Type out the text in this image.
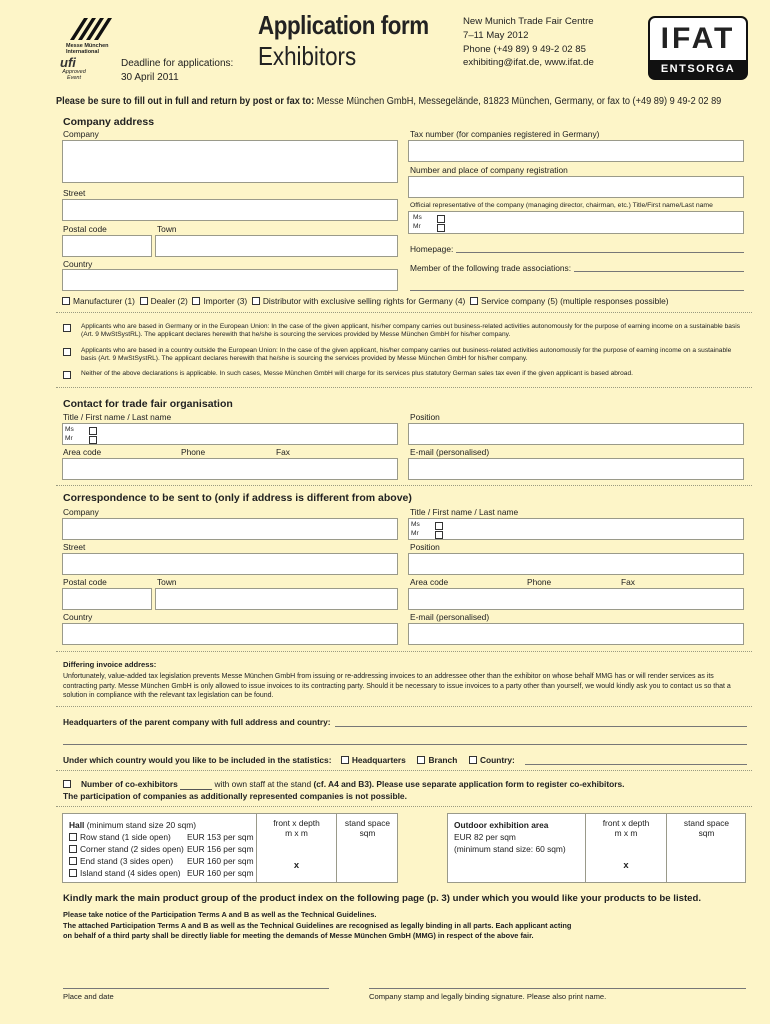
Messe München
International
ufi
Approved
Event
Deadline for applications:
30 April 2011
Application form
Exhibitors
New Munich Trade Fair Centre
7–11 May 2012
Phone (+49 89) 9 49-2 02 85
exhibiting@ifat.de, www.ifat.de
IFAT
ENTSORGA
Please be sure to fill out in full and return by post or fax to: Messe München GmbH, Messegelände, 81823 München, Germany, or fax to (+49 89) 9 49-2 02 89
Company address
Company	Tax number (for companies registered in Germany)
Number and place of company registration
Street
Official representative of the company (managing director, chairman, etc.) Title/First name/Last name
Ms
Mr
Postal code	Town
Homepage:
Country	Member of the following trade associations:
Manufacturer (1) Dealer (2) Importer (3) Distributor with exclusive selling rights for Germany (4) Service company (5) (multiple responses possible)
Applicants who are based in Germany or in the European Union: In the case of the given applicant, his/her company carries out business-related activities autonomously for the purpose of earning income on a sustainable basis (Art. 9 MwStSystRL). The applicant declares herewith that he/she is sourcing the services provided by Messe München GmbH for his/her company.
Applicants who are based in a country outside the European Union: In the case of the given applicant, his/her company carries out business-related activities autonomously for the purpose of earning income on a sustainable basis (Art. 9 MwStSystRL). The applicant declares herewith that he/she is sourcing the services provided by Messe München GmbH for his/her company.
Neither of the above declarations is applicable. In such cases, Messe München GmbH will charge for its services plus statutory German sales tax even if the given applicant is based abroad.
Contact for trade fair organisation
Title / First name / Last name	Position
Ms
Mr
Area code	Phone	Fax	E-mail (personalised)
Correspondence to be sent to (only if address is different from above)
Company	Title / First name / Last name
Ms
Mr
Street	Position
Postal code	Town	Area code	Phone	Fax
Country	E-mail (personalised)
Differing invoice address:
Unfortunately, value-added tax legislation prevents Messe München GmbH from issuing or re-addressing invoices to an addressee other than the exhibitor on whose behalf MMG has or will render services as its contracting party. Messe München GmbH is only allowed to issue invoices to its contracting party. Should it be necessary to issue invoices to a party other than yourself, we would kindly ask you to contact us so that a solution in compliance with the relevant tax legislation can be found.
Headquarters of the parent company with full address and country:
Under which country would you like to be included in the statistics: Headquarters	Branch	Country:
Number of co-exhibitors	with own staff at the stand (cf. A4 and B3). Please use separate application form to register co-exhibitors.
The participation of companies as additionally represented companies is not possible.
Hall (minimum stand size 20 sqm)
Row stand (1 side open) EUR 153 per sqm
Corner stand (2 sides open) EUR 156 per sqm
End stand (3 sides open) EUR 160 per sqm
Island stand (4 sides open) EUR 160 per sqm
front x depth
m x m
x
stand space
sqm
Outdoor exhibition area
EUR 82 per sqm
(minimum stand size: 60 sqm)
front x depth
m x m
x
stand space
sqm
Kindly mark the main product group of the product index on the following page (p. 3) under which you would like your products to be listed.
Please take notice of the Participation Terms A and B as well as the Technical Guidelines.
The attached Participation Terms A and B as well as the Technical Guidelines are recognised as legally binding in all parts. Each applicant acting
on behalf of a third party shall be directly liable for meeting the demands of Messe München GmbH (MMG) in respect of the above fair.
Place and date	Company stamp and legally binding signature. Please also print name.
